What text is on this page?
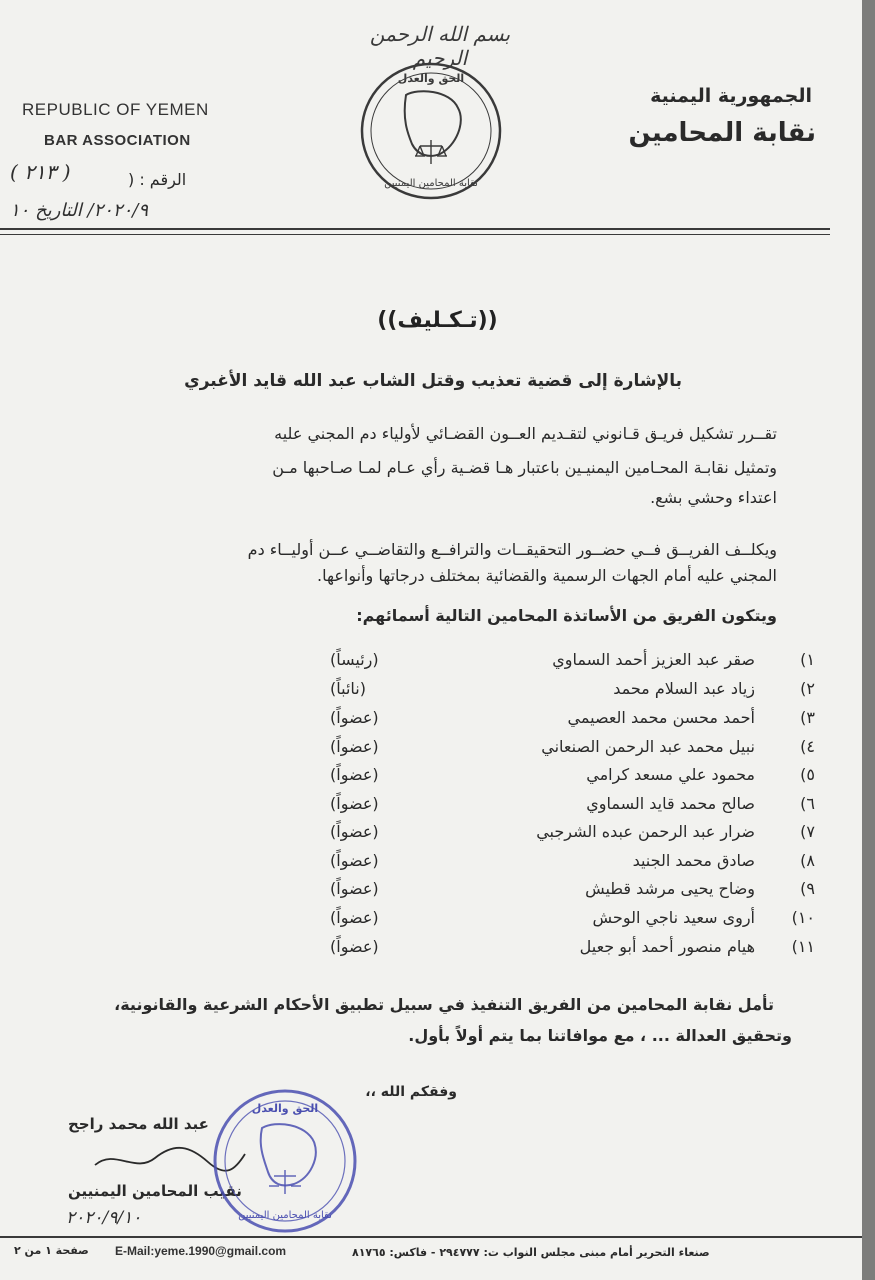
بسم الله الرحمن الرحيم
REPUBLIC OF YEMEN
BAR ASSOCIATION
الجمهورية اليمنية
نقابة المحامين
الرقم : (
( ٢١٣ )
٢٠٢٠/٩/ التاريخ ١٠
الحق والعدل
نقابة المحامين اليمنيين
((تـكـليف))
بالإشارة إلى قضية تعذيب وقتل الشاب عبد الله قايد الأغبري
تقــرر تشكيل فريـق قـانوني لتقـديم العــون القضـائي لأولياء دم المجني عليه
وتمثيل نقابـة المحـامين اليمنيـين باعتبار هـا قضـية رأي عـام لمـا صـاحبها مـن
اعتداء وحشي بشع.
ويكلــف الفريــق فــي حضــور التحقيقــات والترافــع والتقاضــي عــن أوليــاء دم
المجني عليه أمام الجهات الرسمية والقضائية بمختلف درجاتها وأنواعها.
ويتكون الفريق من الأساتذة المحامين التالية أسمائهم:
١)
صقر عبد العزيز أحمد السماوي
(رئيساً)
٢)
زياد عبد السلام محمد
(نائباً)
٣)
أحمد محسن محمد العصيمي
(عضواً)
٤)
نبيل محمد عبد الرحمن الصنعاني
(عضواً)
٥)
محمود علي مسعد كرامي
(عضواً)
٦)
صالح محمد قايد السماوي
(عضواً)
٧)
ضرار عبد الرحمن عبده الشرجبي
(عضواً)
٨)
صادق محمد الجنيد
(عضواً)
٩)
وضاح يحيى مرشد قطيش
(عضواً)
١٠)
أروى سعيد ناجي الوحش
(عضواً)
١١)
هيام منصور أحمد أبو جعيل
(عضواً)
تأمل نقابة المحامين من الفريق التنفيذ في سبيل تطبيق الأحكام الشرعية والقانونية،
وتحقيق العدالة ... ، مع موافاتنا بما يتم أولاً بأول.
وفقكم الله ،،
عبد الله محمد راجح
نقيب المحامين اليمنيين
٢٠٢٠/٩/١٠
الحق والعدل
نقابة المحامين اليمنيين
صنعاء التحرير أمام مبنى مجلس النواب ت: ٢٩٤٧٧٧ - فاكس: ٨١٧٦٥
E-Mail:yeme.1990@gmail.com
صفحة ١ من ٢
